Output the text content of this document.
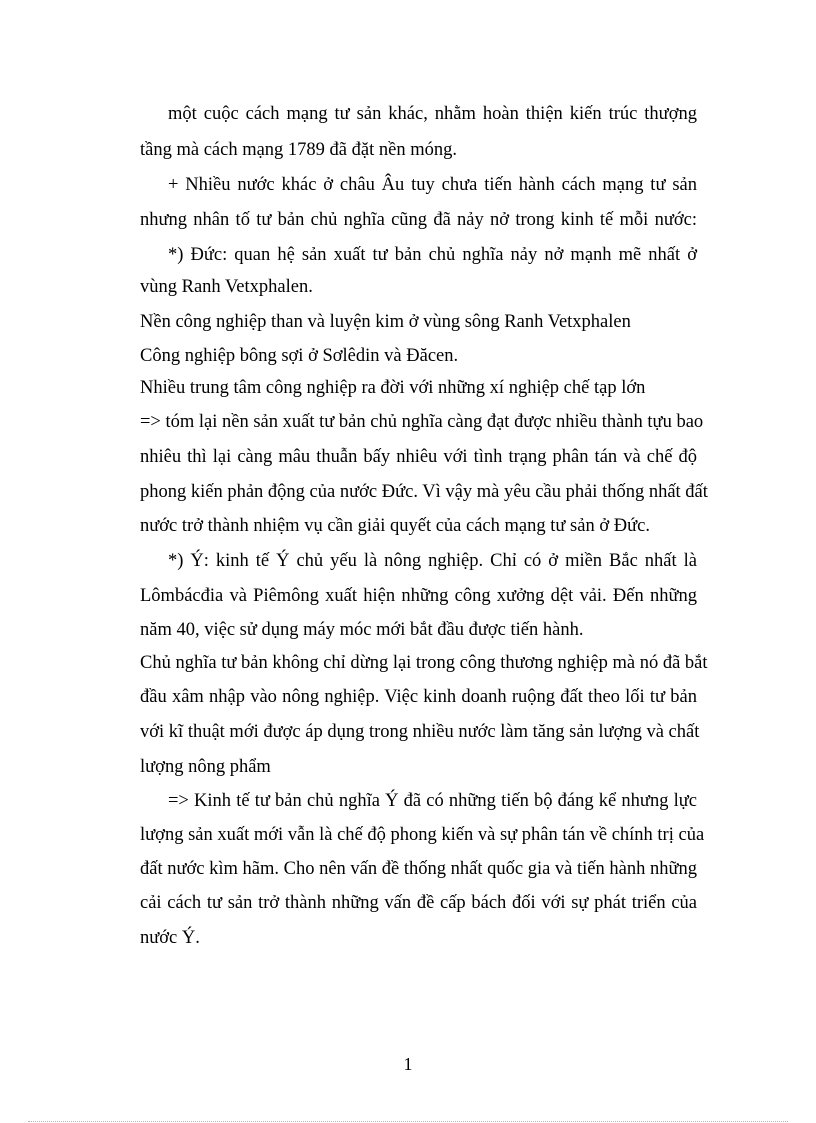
một cuộc cách mạng tư sản khác, nhằm hoàn thiện kiến trúc thượng
tầng mà cách mạng 1789 đã đặt nền móng.
+ Nhiều nước khác ở châu Âu tuy chưa tiến hành cách mạng tư sản
nhưng nhân tố tư bản chủ nghĩa cũng đã nảy nở trong kinh tế mỗi nước:
*) Đức: quan hệ sản xuất tư bản chủ nghĩa nảy nở mạnh mẽ nhất ở
vùng Ranh Vetxphalen.
Nền công nghiệp than và luyện kim ở vùng sông Ranh Vetxphalen
Công nghiệp bông sợi ở Sơlêdin và Đăcen.
Nhiều trung tâm công nghiệp ra đời với những xí nghiệp chế tạp lớn
=> tóm lại nền sản xuất tư bản chủ nghĩa càng đạt được nhiều thành tựu bao
nhiêu thì lại càng mâu thuẫn bấy nhiêu với tình trạng phân tán và chế độ
phong kiến phản động của nước Đức. Vì vậy mà yêu cầu phải thống nhất đất
nước trở thành nhiệm vụ cần giải quyết của cách mạng tư sản ở Đức.
*) Ý: kinh tế Ý chủ yếu là nông nghiệp. Chỉ có ở miền Bắc nhất là
Lômbácđia và Piêmông xuất hiện những công xưởng dệt vải. Đến những
năm 40, việc sử dụng máy móc mới bắt đầu được tiến hành.
Chủ nghĩa tư bản không chỉ dừng lại trong công thương nghiệp mà nó đã bắt
đầu xâm nhập vào nông nghiệp. Việc kinh doanh ruộng đất theo lối tư bản
với kĩ thuật mới được áp dụng trong nhiều nước làm tăng sản lượng và chất
lượng nông phẩm
=> Kinh tế tư bản chủ nghĩa Ý đã có những tiến bộ đáng kể nhưng lực
lượng sản xuất mới vẫn là chế độ phong kiến và sự phân tán về chính trị của
đất nước kìm hãm. Cho nên vấn đề thống nhất quốc gia và tiến hành những
cải cách tư sản trở thành những vấn đề cấp bách đối với sự phát triển của
nước Ý.
1
